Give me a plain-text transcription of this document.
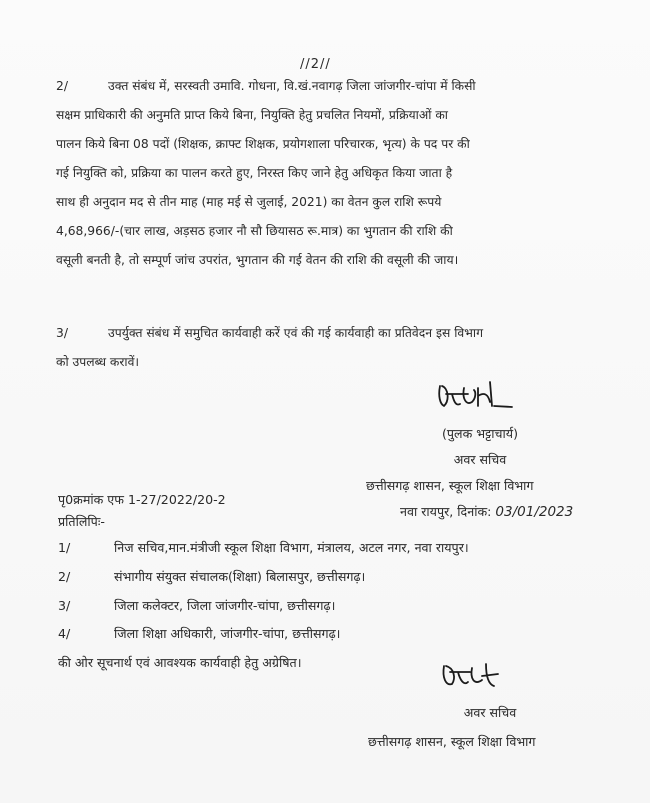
//2//
2/	उक्त संबंध में, सरस्वती उमावि. गोधना, वि.खं.नवागढ़ जिला जांजगीर-चांपा में किसी
सक्षम प्राधिकारी की अनुमति प्राप्त किये बिना, नियुक्ति हेतु प्रचलित नियमों, प्रक्रियाओं का
पालन किये बिना 08 पदों (शिक्षक, क्राफ्ट शिक्षक, प्रयोगशाला परिचारक, भृत्य) के पद पर की
गई नियुक्ति को, प्रक्रिया का पालन करते हुए, निरस्त किए जाने हेतु अधिकृत किया जाता है
साथ ही अनुदान मद से तीन माह (माह मई से जुलाई, 2021) का वेतन कुल राशि रूपये
4,68,966/-(चार लाख, अड़सठ हजार नौ सौ छियासठ रू.मात्र) का भुगतान की राशि की
वसूली बनती है, तो सम्पूर्ण जांच उपरांत, भुगतान की गई वेतन की राशि की वसूली की जाय।
3/	उपर्युक्त संबंध में समुचित कार्यवाही करें एवं की गई कार्यवाही का प्रतिवेदन इस विभाग
को उपलब्ध करावें।
(पुलक भट्टाचार्य)
अवर सचिव
छत्तीसगढ़ शासन, स्कूल शिक्षा विभाग
नवा रायपुर, दिनांक: 03/01/2023
पृ0क्रमांक एफ 1-27/2022/20-2
प्रतिलिपिः-
1/	निज सचिव,मान.मंत्रीजी स्कूल शिक्षा विभाग, मंत्रालय, अटल नगर, नवा रायपुर।
2/	संभागीय संयुक्त संचालक(शिक्षा) बिलासपुर, छत्तीसगढ़।
3/	जिला कलेक्टर, जिला जांजगीर-चांपा, छत्तीसगढ़।
4/	जिला शिक्षा अधिकारी, जांजगीर-चांपा, छत्तीसगढ़।
की ओर सूचनार्थ एवं आवश्यक कार्यवाही हेतु अग्रेषित।
अवर सचिव
छत्तीसगढ़ शासन, स्कूल शिक्षा विभाग
